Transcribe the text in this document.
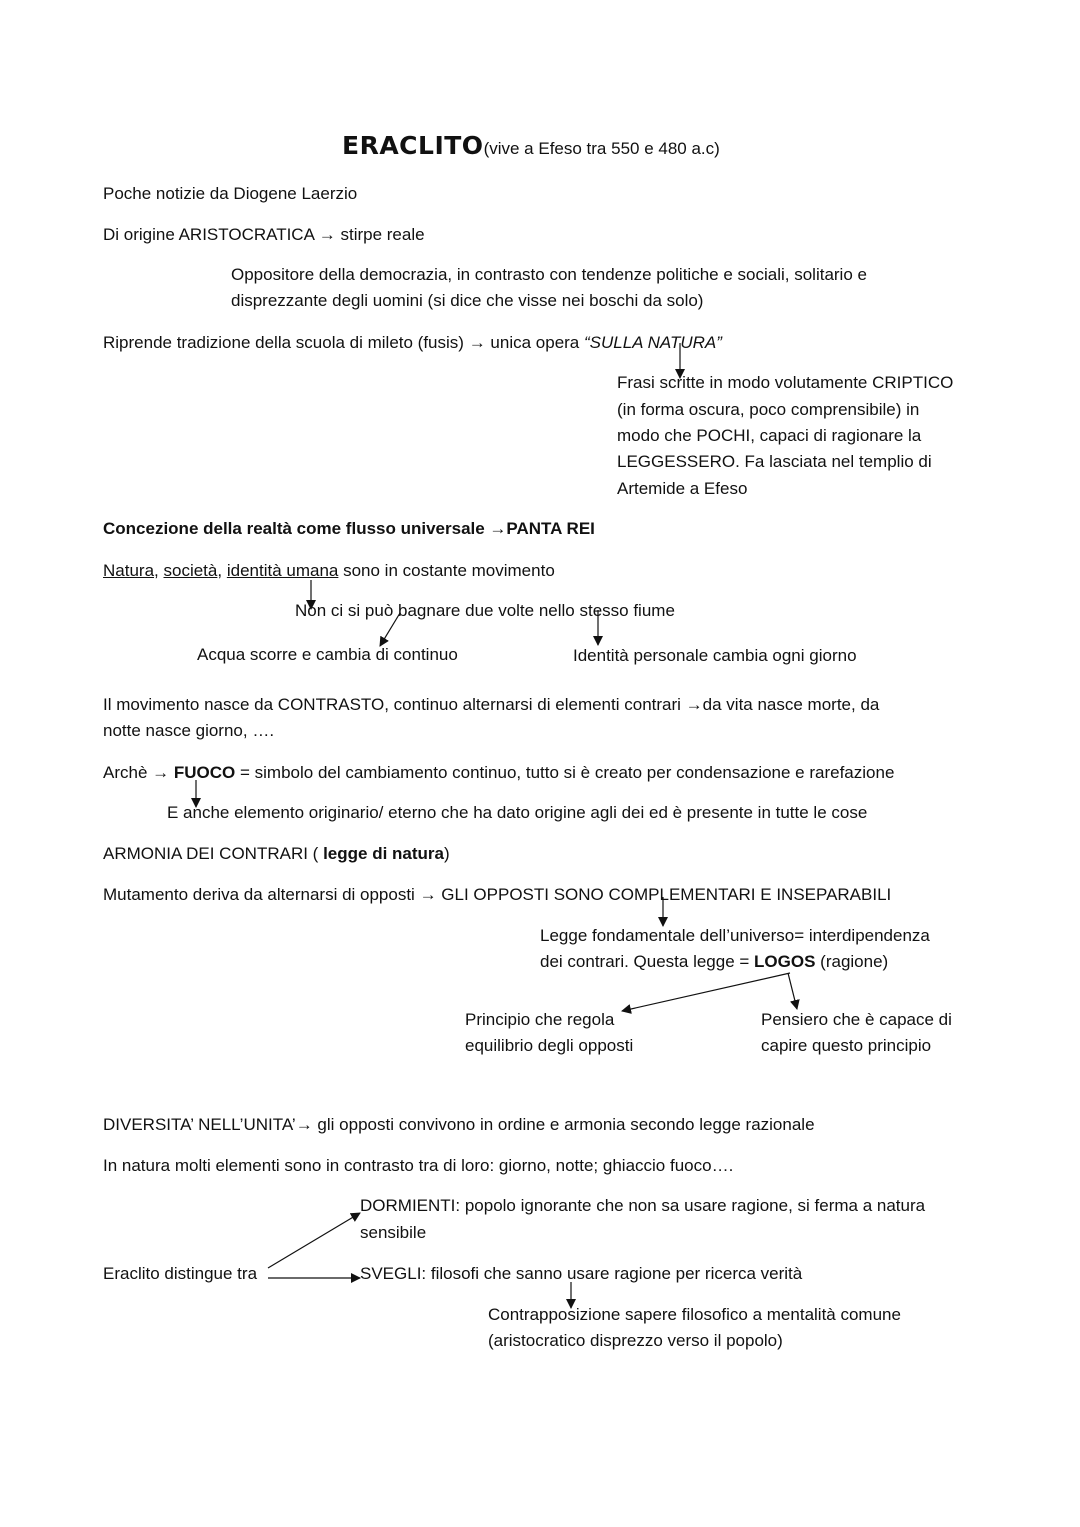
ERACLITO(vive a Efeso tra 550 e 480 a.c)
Poche notizie da Diogene Laerzio
Di origine ARISTOCRATICA → stirpe reale
Oppositore della democrazia, in contrasto con tendenze politiche e sociali, solitario e
disprezzante degli uomini (si dice che visse nei boschi da solo)
Riprende tradizione della scuola di mileto (fusis) → unica opera “SULLA NATURA”
Frasi scritte in modo volutamente CRIPTICO
(in forma oscura, poco comprensibile) in
modo che POCHI, capaci di ragionare la
LEGGESSERO. Fa lasciata nel templio di
Artemide a Efeso
Concezione della realtà come flusso universale →PANTA REI
Natura, società, identità umana sono in costante movimento
Non ci si può bagnare due volte nello stesso fiume
Acqua scorre e cambia di continuo	Identità personale cambia ogni giorno
Il movimento nasce da CONTRASTO, continuo alternarsi di elementi contrari →da vita nasce morte, da
notte nasce giorno, ….
Archè → FUOCO = simbolo del cambiamento continuo, tutto si è creato per condensazione e rarefazione
E anche elemento originario/ eterno che ha dato origine agli dei ed è presente in tutte le cose
ARMONIA DEI CONTRARI ( legge di natura)
Mutamento deriva da alternarsi di opposti → GLI OPPOSTI SONO COMPLEMENTARI E INSEPARABILI
Legge fondamentale dell’universo= interdipendenza
dei contrari. Questa legge = LOGOS (ragione)
Principio che regola
equilibrio degli opposti
Pensiero che è capace di
capire questo principio
DIVERSITA’ NELL’UNITA’→ gli opposti convivono in ordine e armonia secondo legge razionale
In natura molti elementi sono in contrasto tra di loro: giorno, notte; ghiaccio fuoco….
DORMIENTI: popolo ignorante che non sa usare ragione, si ferma a natura
sensibile
Eraclito distingue tra	SVEGLI: filosofi che sanno usare ragione per ricerca verità
Contrapposizione sapere filosofico a mentalità comune
(aristocratico disprezzo verso il popolo)
